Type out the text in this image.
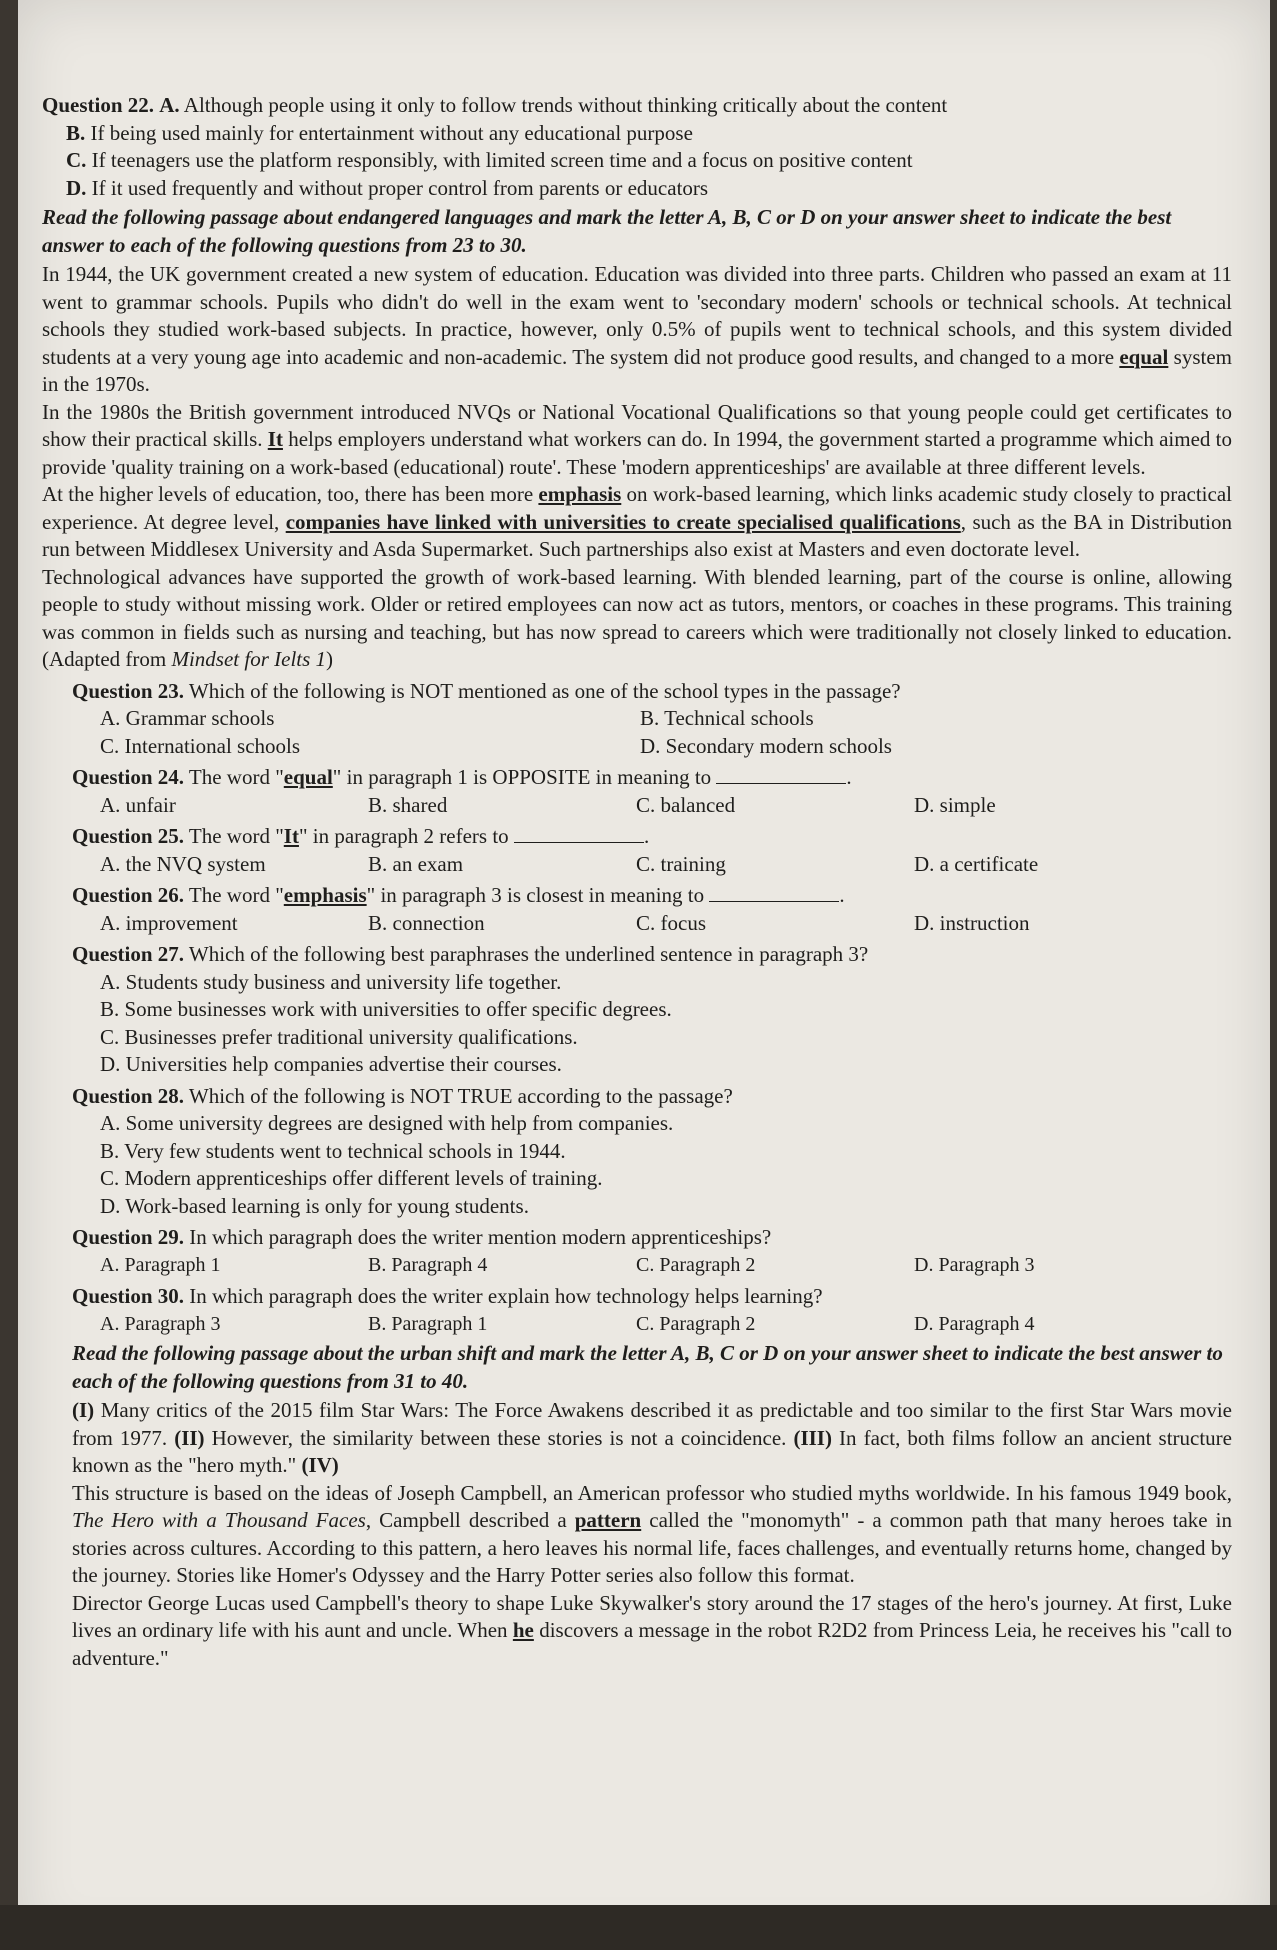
Question 22. A. Although people using it only to follow trends without thinking critically about the content
B. If being used mainly for entertainment without any educational purpose
C. If teenagers use the platform responsibly, with limited screen time and a focus on positive content
D. If it used frequently and without proper control from parents or educators
Read the following passage about endangered languages and mark the letter A, B, C or D on your answer sheet to indicate the best answer to each of the following questions from 23 to 30.

In 1944, the UK government created a new system of education. Education was divided into three parts. Children who passed an exam at 11 went to grammar schools. Pupils who didn't do well in the exam went to 'secondary modern' schools or technical schools. At technical schools they studied work-based subjects. In practice, however, only 0.5% of pupils went to technical schools, and this system divided students at a very young age into academic and non-academic. The system did not produce good results, and changed to a more equal system in the 1970s.

In the 1980s the British government introduced NVQs or National Vocational Qualifications so that young people could get certificates to show their practical skills. It helps employers understand what workers can do. In 1994, the government started a programme which aimed to provide 'quality training on a work-based (educational) route'. These 'modern apprenticeships' are available at three different levels.

At the higher levels of education, too, there has been more emphasis on work-based learning, which links academic study closely to practical experience. At degree level, companies have linked with universities to create specialised qualifications, such as the BA in Distribution run between Middlesex University and Asda Supermarket. Such partnerships also exist at Masters and even doctorate level.

Technological advances have supported the growth of work-based learning. With blended learning, part of the course is online, allowing people to study without missing work. Older or retired employees can now act as tutors, mentors, or coaches in these programs. This training was common in fields such as nursing and teaching, but has now spread to careers which were traditionally not closely linked to education. (Adapted from Mindset for Ielts 1)

Question 23. Which of the following is NOT mentioned as one of the school types in the passage?
A. Grammar schools	B. Technical schools
C. International schools	D. Secondary modern schools
Question 24. The word "equal" in paragraph 1 is OPPOSITE in meaning to	.
A. unfair	B. shared	C. balanced	D. simple
Question 25. The word "It" in paragraph 2 refers to	.
A. the NVQ system	B. an exam	C. training	D. a certificate
Question 26. The word "emphasis" in paragraph 3 is closest in meaning to	.
A. improvement	B. connection	C. focus	D. instruction
Question 27. Which of the following best paraphrases the underlined sentence in paragraph 3?
A. Students study business and university life together.
B. Some businesses work with universities to offer specific degrees.
C. Businesses prefer traditional university qualifications.
D. Universities help companies advertise their courses.
Question 28. Which of the following is NOT TRUE according to the passage?
A. Some university degrees are designed with help from companies.
B. Very few students went to technical schools in 1944.
C. Modern apprenticeships offer different levels of training.
D. Work-based learning is only for young students.
Question 29. In which paragraph does the writer mention modern apprenticeships?
A. Paragraph 1	B. Paragraph 4	C. Paragraph 2	D. Paragraph 3
Question 30. In which paragraph does the writer explain how technology helps learning?
A. Paragraph 3	B. Paragraph 1	C. Paragraph 2	D. Paragraph 4
Read the following passage about the urban shift and mark the letter A, B, C or D on your answer sheet to indicate the best answer to each of the following questions from 31 to 40.

(I) Many critics of the 2015 film Star Wars: The Force Awakens described it as predictable and too similar to the first Star Wars movie from 1977. (II) However, the similarity between these stories is not a coincidence. (III) In fact, both films follow an ancient structure known as the "hero myth." (IV)

This structure is based on the ideas of Joseph Campbell, an American professor who studied myths worldwide. In his famous 1949 book, The Hero with a Thousand Faces, Campbell described a pattern called the "monomyth" - a common path that many heroes take in stories across cultures. According to this pattern, a hero leaves his normal life, faces challenges, and eventually returns home, changed by the journey. Stories like Homer's Odyssey and the Harry Potter series also follow this format.

Director George Lucas used Campbell's theory to shape Luke Skywalker's story around the 17 stages of the hero's journey. At first, Luke lives an ordinary life with his aunt and uncle. When he discovers a message in the robot R2D2 from Princess Leia, he receives his "call to adventure."
